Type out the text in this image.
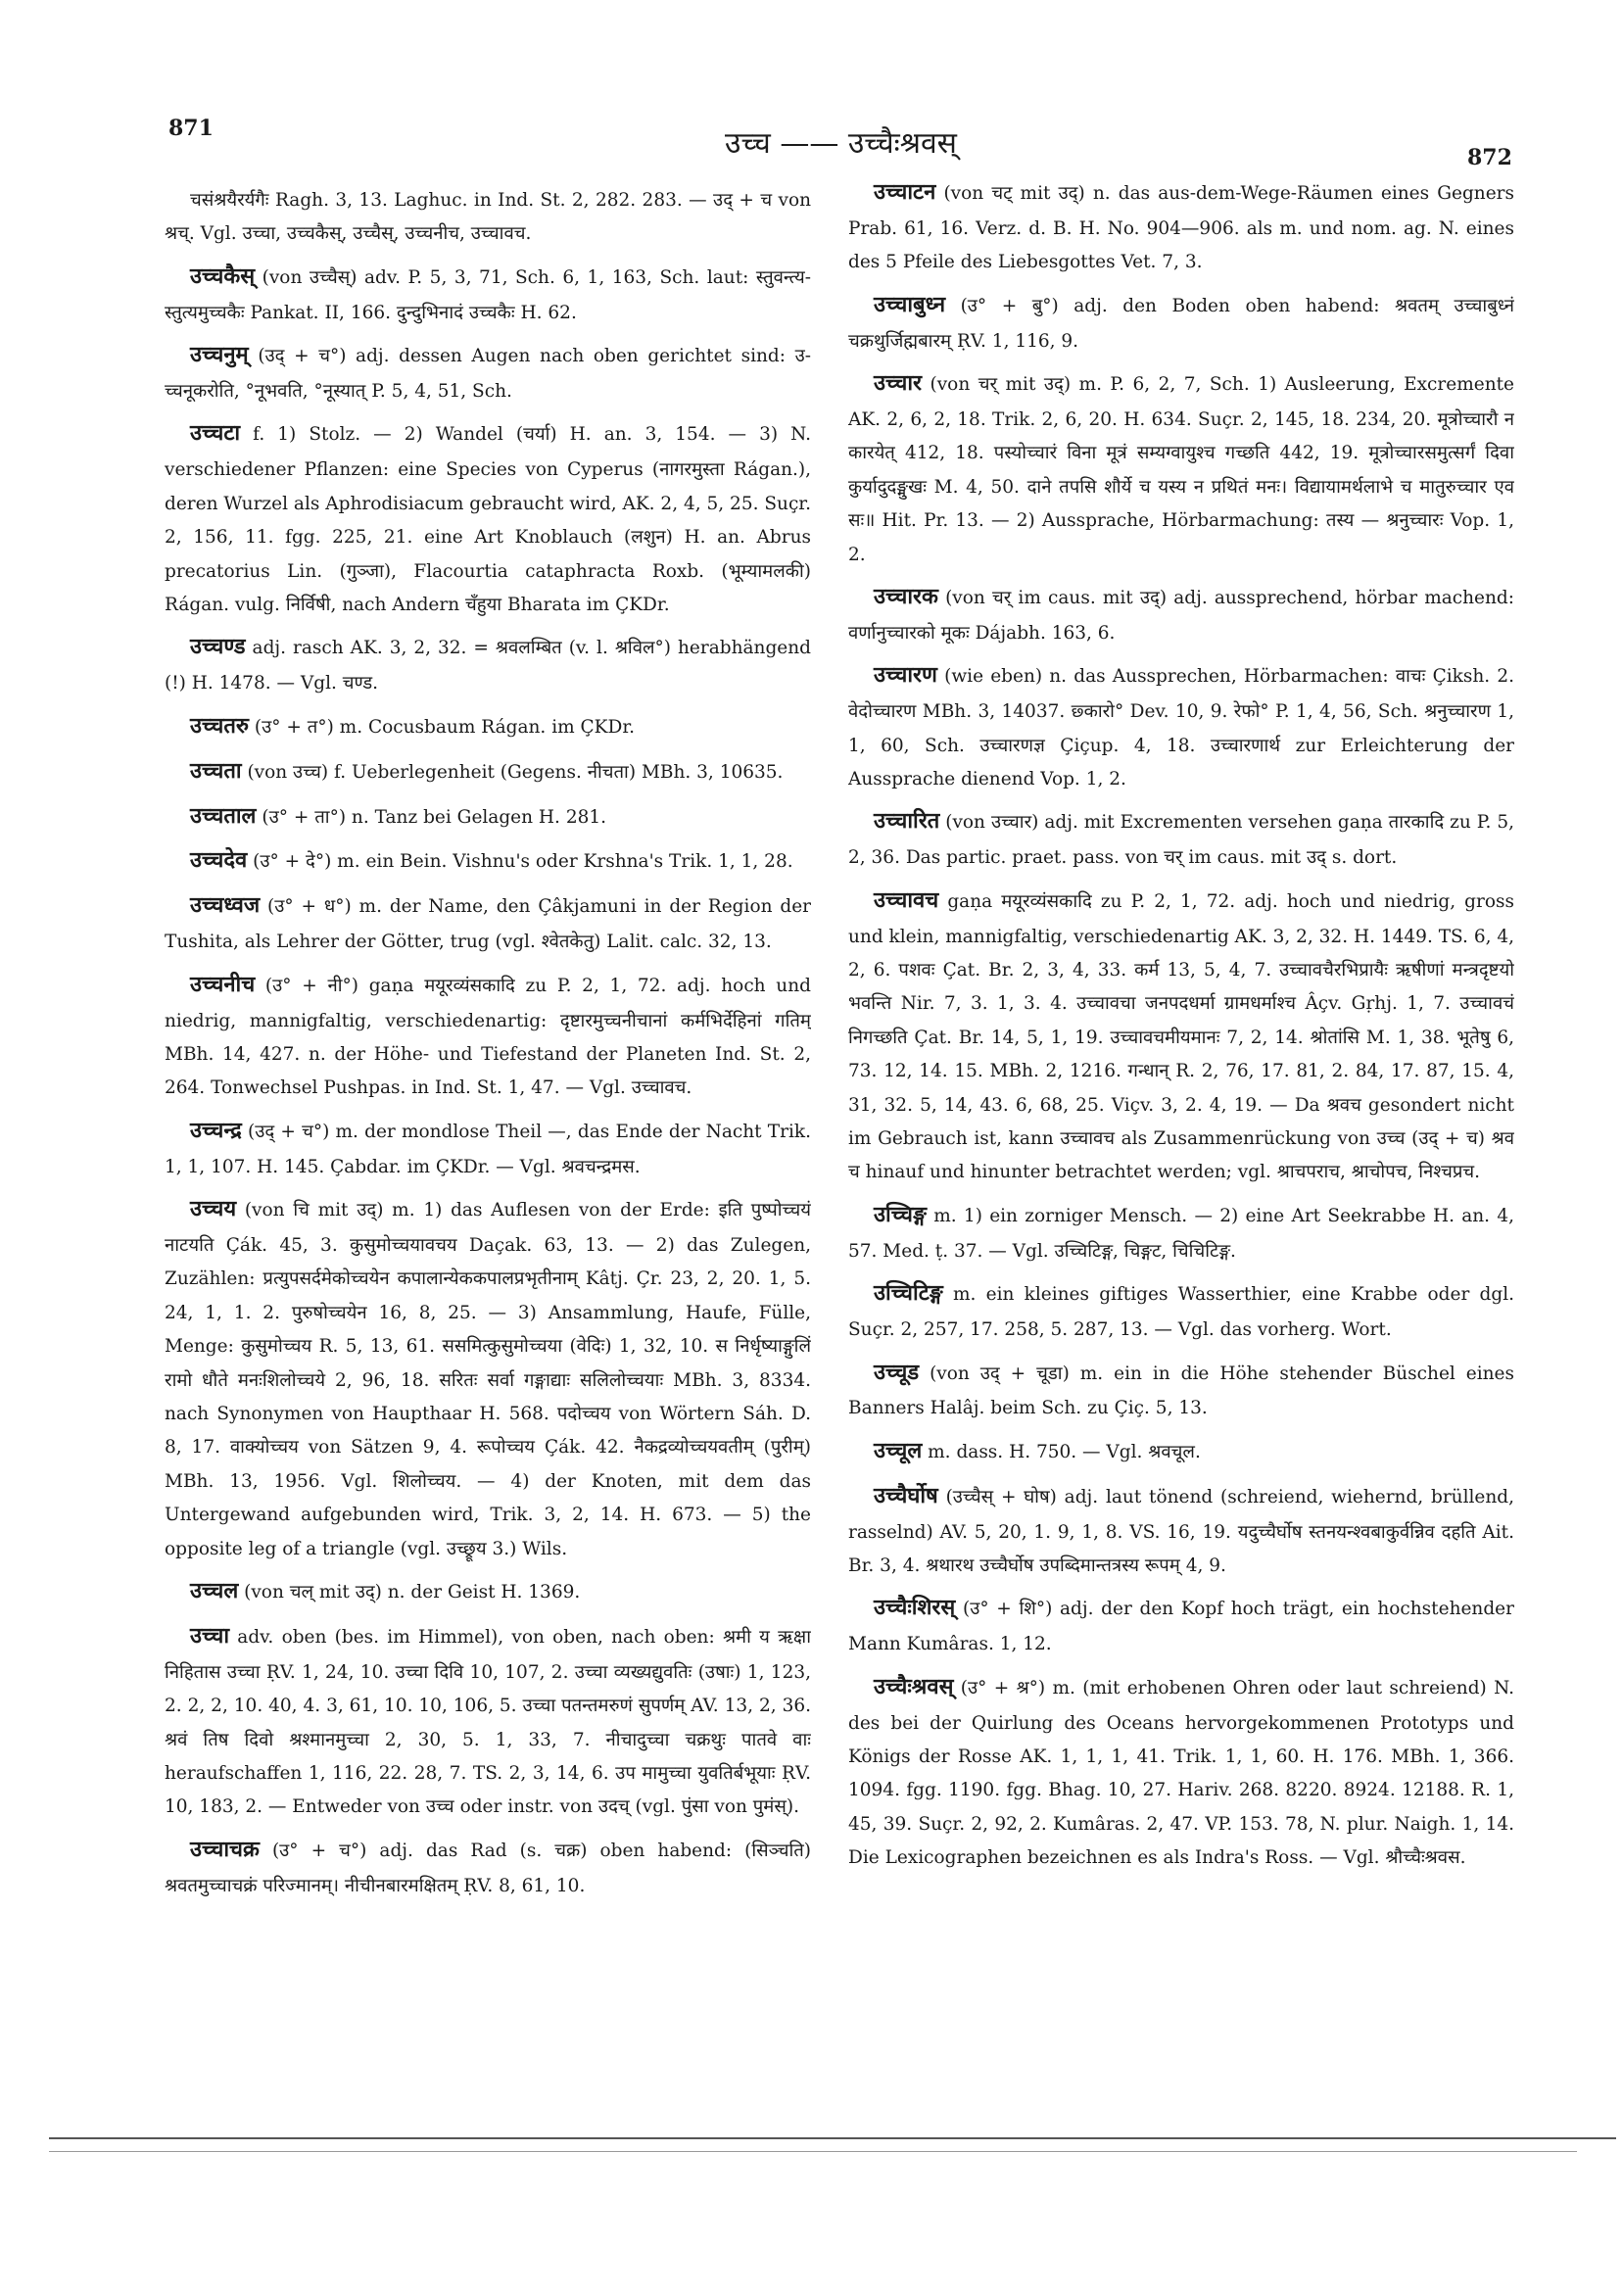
871	उच्च —— उच्चैःश्रवस्	872

चसंश्रयैरर्यगैः Ragh. 3, 13. Laghuc. in Ind. St. 2, 282. 283. — उद् + च von श्रच्. Vgl. उच्चा, उच्चकैस्, उच्चैस्, उच्चनीच, उच्चावच.

उच्चकैस् (von उच्चैस्) adv. P. 5, 3, 71, Sch. 6, 1, 163, Sch. laut: स्तुवन्त्य-स्तुत्यमुच्चकैः Pankat. II, 166. दुन्दुभिनादं उच्चकैः H. 62.

उच्चनुम् (उद् + च°) adj. dessen Augen nach oben gerichtet sind: उ-च्चनूकरोति, °नूभवति, °नूस्यात् P. 5, 4, 51, Sch.

उच्चटा f. 1) Stolz. — 2) Wandel (चर्या) H. an. 3, 154. — 3) N. verschiedener Pflanzen: eine Species von Cyperus (नागरमुस्ता Rágan.), deren Wurzel als Aphrodisiacum gebraucht wird, AK. 2, 4, 5, 25. Suçr. 2, 156, 11. fgg. 225, 21. eine Art Knoblauch (लशुन) H. an. Abrus precatorius Lin. (गुञ्जा), Flacourtia cataphracta Roxb. (भूम्यामलकी) Rágan. vulg. निर्विषी, nach Andern चँहुया Bharata im ÇKDr.

उच्चण्ड adj. rasch AK. 3, 2, 32. = श्रवलम्बित (v. l. श्रविल°) herabhängend (!) H. 1478. — Vgl. चण्ड.

उच्चतरु (उ° + त°) m. Cocusbaum Rágan. im ÇKDr.

उच्चता (von उच्च) f. Ueberlegenheit (Gegens. नीचता) MBh. 3, 10635.

उच्चताल (उ° + ता°) n. Tanz bei Gelagen H. 281.

उच्चदेव (उ° + दे°) m. ein Bein. Vishnu's oder Krshna's Trik. 1, 1, 28.

उच्चध्वज (उ° + ध°) m. der Name, den Çâkjamuni in der Region der Tushita, als Lehrer der Götter, trug (vgl. श्वेतकेतु) Lalit. calc. 32, 13.

उच्चनीच (उ° + नी°) gaṇa मयूरव्यंसकादि zu P. 2, 1, 72. adj. hoch und niedrig, mannigfaltig, verschiedenartig: दृष्टारमुच्चनीचानां कर्मभिर्देहिनां गतिम् MBh. 14, 427. n. der Höhe- und Tiefestand der Planeten Ind. St. 2, 264. Tonwechsel Pushpas. in Ind. St. 1, 47. — Vgl. उच्चावच.

उच्चन्द्र (उद् + च°) m. der mondlose Theil —, das Ende der Nacht Trik. 1, 1, 107. H. 145. Çabdar. im ÇKDr. — Vgl. श्रवचन्द्रमस.

उच्चय (von चि mit उद्) m. 1) das Auflesen von der Erde: इति पुष्पोच्चयं नाटयति Çák. 45, 3. कुसुमोच्चयावचय Daçak. 63, 13. — 2) das Zulegen, Zuzählen: प्रत्युपसर्दमेकोच्चयेन कपालान्येककपालप्रभृतीनाम् Kâtj. Çr. 23, 2, 20. 1, 5. 24, 1, 1. 2. पुरुषोच्चयेन 16, 8, 25. — 3) Ansammlung, Haufe, Fülle, Menge: कुसुमोच्चय R. 5, 13, 61. ससमित्कुसुमोच्चया (वेदिः) 1, 32, 10. स निर्धृष्याङ्गुलिं रामो धौते मनःशिलोच्चये 2, 96, 18. सरितः सर्वा गङ्गाद्याः सलिलोच्चयाः MBh. 3, 8334. nach Synonymen von Haupthaar H. 568. पदोच्चय von Wörtern Sáh. D. 8, 17. वाक्योच्चय von Sätzen 9, 4. रूपोच्चय Çák. 42. नैकद्रव्योच्चयवतीम् (पुरीम्) MBh. 13, 1956. Vgl. शिलोच्चय. — 4) der Knoten, mit dem das Untergewand aufgebunden wird, Trik. 3, 2, 14. H. 673. — 5) the opposite leg of a triangle (vgl. उच्छ्रूय 3.) Wils.

उच्चल (von चल् mit उद्) n. der Geist H. 1369.

उच्चा adv. oben (bes. im Himmel), von oben, nach oben: श्रमी य ऋक्षा निहितास उच्चा ṚV. 1, 24, 10. उच्चा दिवि 10, 107, 2. उच्चा व्यख्यद्युवतिः (उषाः) 1, 123, 2. 2, 2, 10. 40, 4. 3, 61, 10. 10, 106, 5. उच्चा पतन्तमरुणं सुपर्णम् AV. 13, 2, 36. श्रवं तिष दिवो श्रश्मानमुच्चा 2, 30, 5. 1, 33, 7. नीचादुच्चा चक्रथुः पातवे वाः heraufschaffen 1, 116, 22. 28, 7. TS. 2, 3, 14, 6. उप मामुच्चा युवतिर्बभूयाः ṚV. 10, 183, 2. — Entweder von उच्च oder instr. von उदच् (vgl. पुंसा von पुमंस्).

उच्चाचक्र (उ° + च°) adj. das Rad (s. चक्र) oben habend: (सिञ्चति) श्रवतमुच्चाचक्रं परिज्मानम्। नीचीनबारमक्षितम् ṚV. 8, 61, 10.

उच्चाटन (von चट् mit उद्) n. das aus-dem-Wege-Räumen eines Gegners Prab. 61, 16. Verz. d. B. H. No. 904—906. als m. und nom. ag. N. eines des 5 Pfeile des Liebesgottes Vet. 7, 3.

उच्चाबुध्न (उ° + बु°) adj. den Boden oben habend: श्रवतम् उच्चाबुध्नं चक्रथुर्जिह्मबारम् ṚV. 1, 116, 9.

उच्चार (von चर् mit उद्) m. P. 6, 2, 7, Sch. 1) Ausleerung, Excremente AK. 2, 6, 2, 18. Trik. 2, 6, 20. H. 634. Suçr. 2, 145, 18. 234, 20. मूत्रोच्चारौ न कारयेत् 412, 18. पस्योच्चारं विना मूत्रं सम्यग्वायुश्च गच्छति 442, 19. मूत्रोच्चारसमुत्सर्गं दिवा कुर्यादुदङ्मुखः M. 4, 50. दाने तपसि शौर्ये च यस्य न प्रथितं मनः। विद्यायामर्थलाभे च मातुरुच्चार एव सः॥ Hit. Pr. 13. — 2) Aussprache, Hörbarmachung: तस्य — श्रनुच्चारः Vop. 1, 2.

उच्चारक (von चर् im caus. mit उद्) adj. aussprechend, hörbar machend: वर्णानुच्चारको मूकः Dájabh. 163, 6.

उच्चारण (wie eben) n. das Aussprechen, Hörbarmachen: वाचः Çiksh. 2. वेदोच्चारण MBh. 3, 14037. छ्कारो° Dev. 10, 9. रेफो° P. 1, 4, 56, Sch. श्रनुच्चारण 1, 1, 60, Sch. उच्चारणज्ञ Çiçup. 4, 18. उच्चारणार्थ zur Erleichterung der Aussprache dienend Vop. 1, 2.

उच्चारित (von उच्चार) adj. mit Excrementen versehen gaṇa तारकादि zu P. 5, 2, 36. Das partic. praet. pass. von चर् im caus. mit उद् s. dort.

उच्चावच gaṇa मयूरव्यंसकादि zu P. 2, 1, 72. adj. hoch und niedrig, gross und klein, mannigfaltig, verschiedenartig AK. 3, 2, 32. H. 1449. TS. 6, 4, 2, 6. पशवः Çat. Br. 2, 3, 4, 33. कर्म 13, 5, 4, 7. उच्चावचैरभिप्रायैः ऋषीणां मन्त्रदृष्टयो भवन्ति Nir. 7, 3. 1, 3. 4. उच्चावचा जनपदधर्मा ग्रामधर्माश्च Âçv. Gṛhj. 1, 7. उच्चावचं निगच्छति Çat. Br. 14, 5, 1, 19. उच्चावचमीयमानः 7, 2, 14. श्रोतांसि M. 1, 38. भूतेषु 6, 73. 12, 14. 15. MBh. 2, 1216. गन्धान् R. 2, 76, 17. 81, 2. 84, 17. 87, 15. 4, 31, 32. 5, 14, 43. 6, 68, 25. Viçv. 3, 2. 4, 19. — Da श्रवच gesondert nicht im Gebrauch ist, kann उच्चावच als Zusammenrückung von उच्च (उद् + च) श्रव च hinauf und hinunter betrachtet werden; vgl. श्राचपराच, श्राचोपच, निश्चप्रच.

उच्चिङ्ग m. 1) ein zorniger Mensch. — 2) eine Art Seekrabbe H. an. 4, 57. Med. ṭ. 37. — Vgl. उच्चिटिङ्ग, चिङ्गट, चिचिटिङ्ग.

उच्चिटिङ्ग m. ein kleines giftiges Wasserthier, eine Krabbe oder dgl. Suçr. 2, 257, 17. 258, 5. 287, 13. — Vgl. das vorherg. Wort.

उच्चूड (von उद् + चूडा) m. ein in die Höhe stehender Büschel eines Banners Halâj. beim Sch. zu Çiç. 5, 13.

उच्चूल m. dass. H. 750. — Vgl. श्रवचूल.

उच्चैर्घोष (उच्चैस् + घोष) adj. laut tönend (schreiend, wiehernd, brüllend, rasselnd) AV. 5, 20, 1. 9, 1, 8. VS. 16, 19. यदुच्चैर्घोष स्तनयन्श्वबाकुर्वन्निव दहति Ait. Br. 3, 4. श्रथारथ उच्चैर्घोष उपब्दिमान्तत्रस्य रूपम् 4, 9.

उच्चैःशिरस् (उ° + शि°) adj. der den Kopf hoch trägt, ein hochstehender Mann Kumâras. 1, 12.

उच्चैःश्रवस् (उ° + श्र°) m. (mit erhobenen Ohren oder laut schreiend) N. des bei der Quirlung des Oceans hervorgekommenen Prototyps und Königs der Rosse AK. 1, 1, 1, 41. Trik. 1, 1, 60. H. 176. MBh. 1, 366. 1094. fgg. 1190. fgg. Bhag. 10, 27. Hariv. 268. 8220. 8924. 12188. R. 1, 45, 39. Suçr. 2, 92, 2. Kumâras. 2, 47. VP. 153. 78, N. plur. Naigh. 1, 14. Die Lexicographen bezeichnen es als Indra's Ross. — Vgl. श्रौच्चैःश्रवस.
